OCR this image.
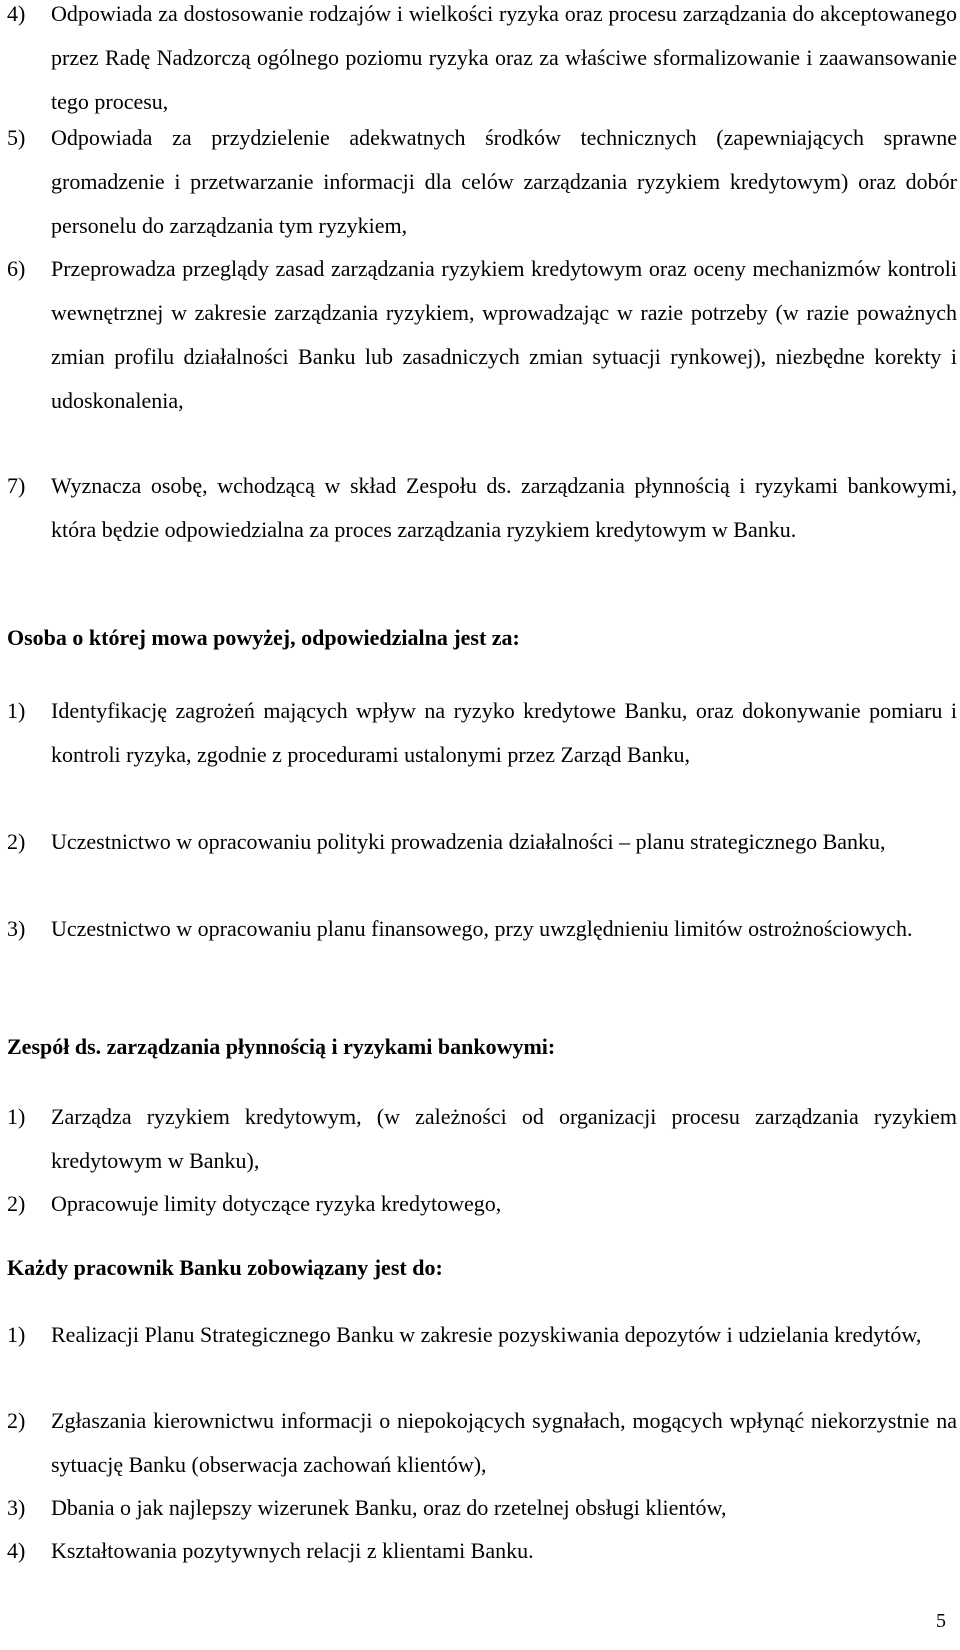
4) Odpowiada za dostosowanie rodzajów i wielkości ryzyka oraz procesu zarządzania do akceptowanego przez Radę Nadzorczą ogólnego poziomu ryzyka oraz za właściwe sformalizowanie i zaawansowanie tego procesu,
5) Odpowiada za przydzielenie adekwatnych środków technicznych (zapewniających sprawne gromadzenie i przetwarzanie informacji dla celów zarządzania ryzykiem kredytowym) oraz dobór personelu do zarządzania tym ryzykiem,
6) Przeprowadza przeglądy zasad zarządzania ryzykiem kredytowym oraz oceny mechanizmów kontroli wewnętrznej w zakresie zarządzania ryzykiem, wprowadzając w razie potrzeby (w razie poważnych zmian profilu działalności Banku lub zasadniczych zmian sytuacji rynkowej), niezbędne korekty i udoskonalenia,
7) Wyznacza osobę, wchodzącą w skład Zespołu ds. zarządzania płynnością i ryzykami bankowymi, która będzie odpowiedzialna za proces zarządzania ryzykiem kredytowym w Banku.
Osoba o której mowa powyżej, odpowiedzialna jest za:
1) Identyfikację zagrożeń mających wpływ na ryzyko kredytowe Banku, oraz dokonywanie pomiaru i kontroli ryzyka, zgodnie z procedurami ustalonymi przez Zarząd Banku,
2) Uczestnictwo w opracowaniu polityki prowadzenia działalności – planu strategicznego Banku,
3) Uczestnictwo w opracowaniu planu finansowego, przy uwzględnieniu limitów ostrożnościowych.
Zespół ds. zarządzania płynnością i ryzykami bankowymi:
1) Zarządza ryzykiem kredytowym, (w zależności od organizacji procesu zarządzania ryzykiem kredytowym w Banku),
2) Opracowuje limity dotyczące ryzyka kredytowego,
Każdy pracownik Banku zobowiązany jest do:
1) Realizacji Planu Strategicznego Banku w zakresie pozyskiwania depozytów i udzielania kredytów,
2) Zgłaszania kierownictwu informacji o niepokojących sygnałach, mogących wpłynąć niekorzystnie na sytuację Banku (obserwacja zachowań klientów),
3) Dbania o jak najlepszy wizerunek Banku, oraz do rzetelnej obsługi klientów,
4) Kształtowania pozytywnych relacji z klientami Banku.
5
